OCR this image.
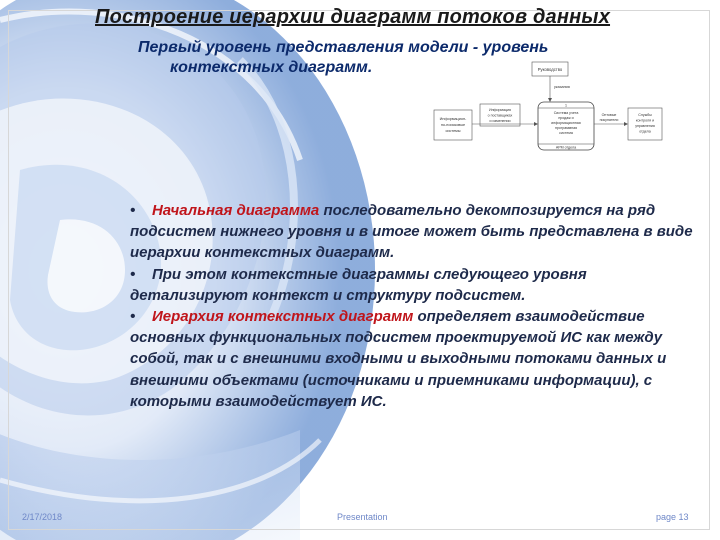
Построение иерархии диаграмм потоков данных
Первый уровень представления модели - уровень
контекстных диаграмм.	Руководство
указания
Информацион-
но-поисковые
системы
Информация
о поставщиках
и изменении
1
Система учета
продаж и
информационная
программная
система
АРМ отдела
Оптовые
покупатели
Службы
контроля и
управления
отдела

• Начальная диаграмма последовательно декомпозируется на ряд подсистем нижнего уровня и в итоге может быть представлена в виде иерархии контекстных диаграмм.

• При этом контекстные диаграммы следующего уровня детализируют контекст и структуру подсистем.

• Иерархия контекстных диаграмм определяет взаимодействие основных функциональных подсистем проектируемой ИС как между собой, так и с внешними входными и выходными потоками данных и внешними объектами (источниками и приемниками информации), с которыми взаимодействует ИС.

2/17/2018	Presentation	page 13
